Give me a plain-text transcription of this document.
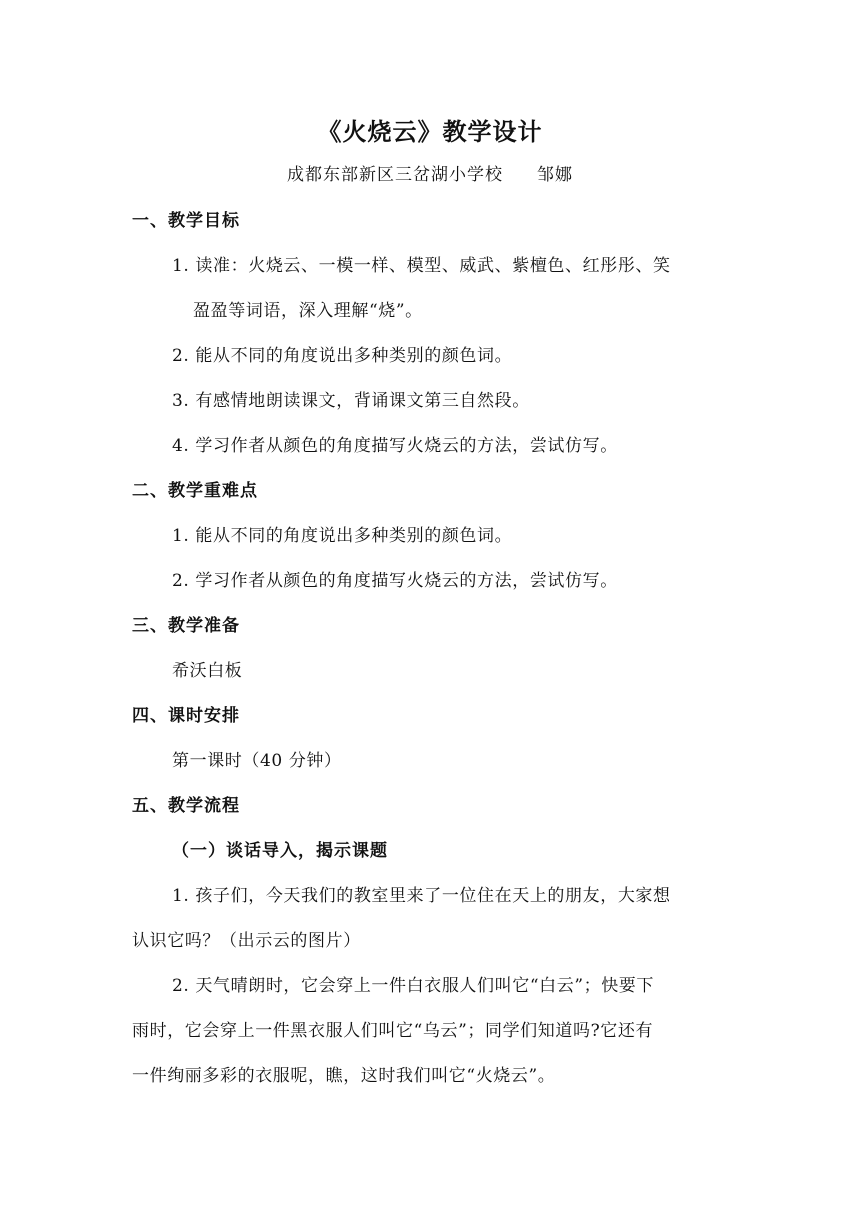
《火烧云》教学设计
成都东部新区三岔湖小学校 邹娜
一、教学目标
1. 读准：火烧云、一模一样、模型、威武、紫檀色、红彤彤、笑
盈盈等词语，深入理解“烧”。
2. 能从不同的角度说出多种类别的颜色词。
3. 有感情地朗读课文，背诵课文第三自然段。
4. 学习作者从颜色的角度描写火烧云的方法，尝试仿写。
二、教学重难点
1. 能从不同的角度说出多种类别的颜色词。
2. 学习作者从颜色的角度描写火烧云的方法，尝试仿写。
三、教学准备
希沃白板
四、课时安排
第一课时（40 分钟）
五、教学流程
（一）谈话导入，揭示课题
1. 孩子们，今天我们的教室里来了一位住在天上的朋友，大家想
认识它吗？（出示云的图片）
2. 天气晴朗时，它会穿上一件白衣服人们叫它“白云”；快要下
雨时，它会穿上一件黑衣服人们叫它“乌云”；同学们知道吗?它还有
一件绚丽多彩的衣服呢，瞧，这时我们叫它“火烧云”。
